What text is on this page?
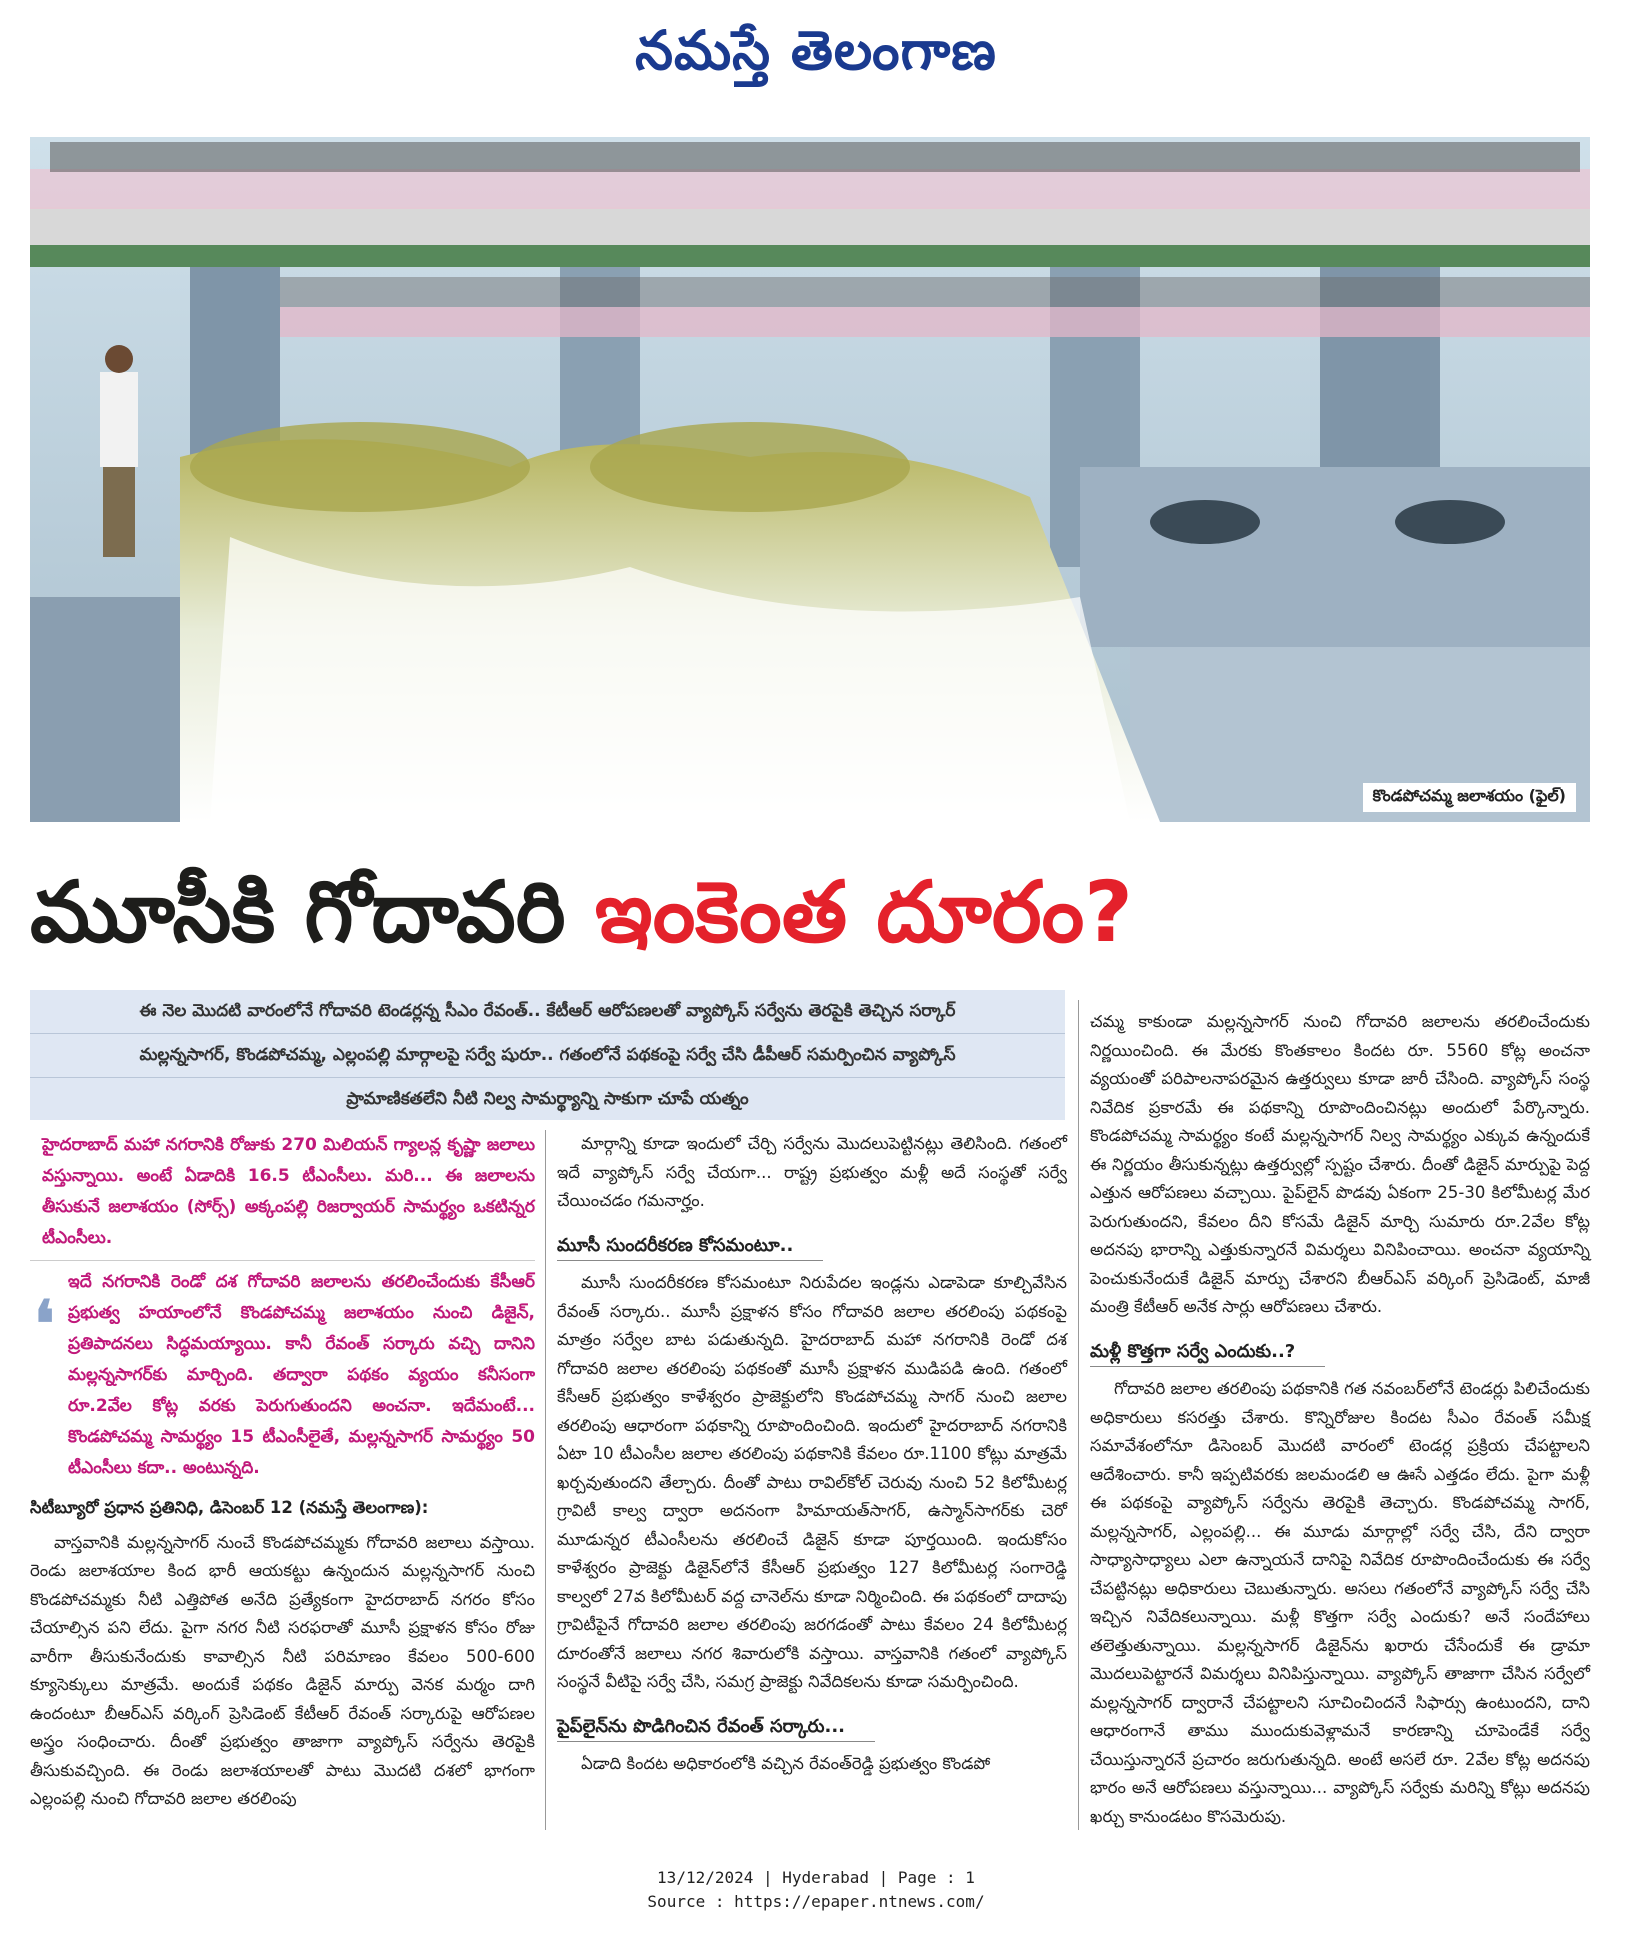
నమస్తే తెలంగాణ
కొండపోచమ్మ జలాశయం (ఫైల్)
మూసీకి గోదావరి ఇంకెంత దూరం?
ఈ నెల మొదటి వారంలోనే గోదావరి టెండర్లన్న సీఎం రేవంత్.. కేటీఆర్ ఆరోపణలతో వ్యాప్కోస్ సర్వేను తెరపైకి తెచ్చిన సర్కార్
మల్లన్నసాగర్, కొండపోచమ్మ, ఎల్లంపల్లి మార్గాలపై సర్వే షురూ.. గతంలోనే పథకంపై సర్వే చేసి డీపీఆర్ సమర్పించిన వ్యాప్కోస్
ప్రామాణికతలేని నీటి నిల్వ సామర్థ్యాన్ని సాకుగా చూపే యత్నం

హైదరాబాద్ మహా నగరానికి రోజుకు 270 మిలియన్ గ్యాలన్ల కృష్ణా జలాలు వస్తున్నాయి. అంటే ఏడాదికి 16.5 టీఎంసీలు. మరి... ఈ జలాలను తీసుకునే జలాశయం (సోర్స్) అక్కంపల్లి రిజర్వాయర్ సామర్థ్యం ఒకటిన్నర టీఎంసీలు.

❛
ఇదే నగరానికి రెండో దశ గోదావరి జలాలను తరలించేందుకు కేసీఆర్ ప్రభుత్వ హయాంలోనే కొండపోచమ్మ జలాశయం నుంచి డిజైన్, ప్రతిపాదనలు సిద్ధమయ్యాయి. కానీ రేవంత్ సర్కారు వచ్చి దానిని మల్లన్నసాగర్‌కు మార్చింది. తద్వారా పథకం వ్యయం కనీసంగా రూ.2వేల కోట్ల వరకు పెరుగుతుందని అంచనా. ఇదేమంటే... కొండపోచమ్మ సామర్థ్యం 15 టీఎంసీలైతే, మల్లన్నసాగర్ సామర్థ్యం 50 టీఎంసీలు కదా.. అంటున్నది.

సిటీబ్యూరో ప్రధాన ప్రతినిధి, డిసెంబర్ 12 (నమస్తే తెలంగాణ):

వాస్తవానికి మల్లన్నసాగర్ నుంచే కొండపోచమ్మకు గోదావరి జలాలు వస్తాయి. రెండు జలాశయాల కింద భారీ ఆయకట్టు ఉన్నందున మల్లన్నసాగర్ నుంచి కొండపోచమ్మకు నీటి ఎత్తిపోత అనేది ప్రత్యేకంగా హైదరాబాద్ నగరం కోసం చేయాల్సిన పని లేదు. పైగా నగర నీటి సరఫరాతో మూసీ ప్రక్షాళన కోసం రోజు వారీగా తీసుకునేందుకు కావాల్సిన నీటి పరిమాణం కేవలం 500-600 క్యూసెక్కులు మాత్రమే. అందుకే పథకం డిజైన్ మార్పు వెనక మర్మం దాగి ఉందంటూ బీఆర్ఎస్ వర్కింగ్ ప్రెసిడెంట్ కేటీఆర్ రేవంత్ సర్కారుపై ఆరోపణల అస్త్రం సంధించారు. దీంతో ప్రభుత్వం తాజాగా వ్యాప్కోస్ సర్వేను తెరపైకి తీసుకువచ్చింది. ఈ రెండు జలాశయాలతో పాటు మొదటి దశలో భాగంగా ఎల్లంపల్లి నుంచి గోదావరి జలాల తరలింపు

మార్గాన్ని కూడా ఇందులో చేర్చి సర్వేను మొదలుపెట్టినట్లు తెలిసింది. గతంలో ఇదే వ్యాప్కోస్ సర్వే చేయగా... రాష్ట్ర ప్రభుత్వం మళ్లీ అదే సంస్థతో సర్వే చేయించడం గమనార్హం.

మూసీ సుందరీకరణ కోసమంటూ..

మూసీ సుందరీకరణ కోసమంటూ నిరుపేదల ఇండ్లను ఎడాపెడా కూల్చివేసిన రేవంత్ సర్కారు.. మూసీ ప్రక్షాళన కోసం గోదావరి జలాల తరలింపు పథకంపై మాత్రం సర్వేల బాట పడుతున్నది. హైదరాబాద్ మహా నగరానికి రెండో దశ గోదావరి జలాల తరలింపు పథకంతో మూసీ ప్రక్షాళన ముడిపడి ఉంది. గతంలో కేసీఆర్ ప్రభుత్వం కాళేశ్వరం ప్రాజెక్టులోని కొండపోచమ్మ సాగర్ నుంచి జలాల తరలింపు ఆధారంగా పథకాన్ని రూపొందించింది. ఇందులో హైదరాబాద్ నగరానికి ఏటా 10 టీఎంసీల జలాల తరలింపు పథకానికి కేవలం రూ.1100 కోట్లు మాత్రమే ఖర్చవుతుందని తేల్చారు. దీంతో పాటు రావిల్‌కోల్ చెరువు నుంచి 52 కిలోమీటర్ల గ్రావిటీ కాల్వ ద్వారా అదనంగా హిమాయత్‌సాగర్, ఉస్మాన్‌సాగర్‌కు చెరో మూడున్నర టీఎంసీలను తరలించే డిజైన్ కూడా పూర్తయింది. ఇందుకోసం కాళేశ్వరం ప్రాజెక్టు డిజైన్‌లోనే కేసీఆర్ ప్రభుత్వం 127 కిలోమీటర్ల సంగారెడ్డి కాల్వలో 27వ కిలోమీటర్ వద్ద చానెల్‌ను కూడా నిర్మించింది. ఈ పథకంలో దాదాపు గ్రావిటీపైనే గోదావరి జలాల తరలింపు జరగడంతో పాటు కేవలం 24 కిలోమీటర్ల దూరంతోనే జలాలు నగర శివారులోకి వస్తాయి. వాస్తవానికి గతంలో వ్యాప్కోస్ సంస్థనే వీటిపై సర్వే చేసి, సమగ్ర ప్రాజెక్టు నివేదికలను కూడా సమర్పించింది.

పైప్‌లైన్‌ను పొడిగించిన రేవంత్ సర్కారు...

ఏడాది కిందట అధికారంలోకి వచ్చిన రేవంత్‌రెడ్డి ప్రభుత్వం కొండపో

చమ్మ కాకుండా మల్లన్నసాగర్ నుంచి గోదావరి జలాలను తరలించేందుకు నిర్ణయించింది. ఈ మేరకు కొంతకాలం కిందట రూ. 5560 కోట్ల అంచనా వ్యయంతో పరిపాలనాపరమైన ఉత్తర్వులు కూడా జారీ చేసింది. వ్యాప్కోస్ సంస్థ నివేదిక ప్రకారమే ఈ పథకాన్ని రూపొందించినట్లు అందులో పేర్కొన్నారు. కొండపోచమ్మ సామర్థ్యం కంటే మల్లన్నసాగర్ నిల్వ సామర్థ్యం ఎక్కువ ఉన్నందుకే ఈ నిర్ణయం తీసుకున్నట్లు ఉత్తర్వుల్లో స్పష్టం చేశారు. దీంతో డిజైన్ మార్పుపై పెద్ద ఎత్తున ఆరోపణలు వచ్చాయి. పైప్‌లైన్ పొడవు ఏకంగా 25-30 కిలోమీటర్ల మేర పెరుగుతుందని, కేవలం దీని కోసమే డిజైన్ మార్చి సుమారు రూ.2వేల కోట్ల అదనపు భారాన్ని ఎత్తుకున్నారనే విమర్శలు వినిపించాయి. అంచనా వ్యయాన్ని పెంచుకునేందుకే డిజైన్ మార్పు చేశారని బీఆర్ఎస్ వర్కింగ్ ప్రెసిడెంట్, మాజీ మంత్రి కేటీఆర్ అనేక సార్లు ఆరోపణలు చేశారు.

మళ్లీ కొత్తగా సర్వే ఎందుకు..?

గోదావరి జలాల తరలింపు పథకానికి గత నవంబర్‌లోనే టెండర్లు పిలిచేందుకు అధికారులు కసరత్తు చేశారు. కొన్నిరోజుల కిందట సీఎం రేవంత్ సమీక్ష సమావేశంలోనూ డిసెంబర్ మొదటి వారంలో టెండర్ల ప్రక్రియ చేపట్టాలని ఆదేశించారు. కానీ ఇప్పటివరకు జలమండలి ఆ ఊసే ఎత్తడం లేదు. పైగా మళ్లీ ఈ పథకంపై వ్యాప్కోస్ సర్వేను తెరపైకి తెచ్చారు. కొండపోచమ్మ సాగర్, మల్లన్నసాగర్, ఎల్లంపల్లి... ఈ మూడు మార్గాల్లో సర్వే చేసి, దేని ద్వారా సాధ్యాసాధ్యాలు ఎలా ఉన్నాయనే దానిపై నివేదిక రూపొందించేందుకు ఈ సర్వే చేపట్టినట్లు అధికారులు చెబుతున్నారు. అసలు గతంలోనే వ్యాప్కోస్ సర్వే చేసి ఇచ్చిన నివేదికలున్నాయి. మళ్లీ కొత్తగా సర్వే ఎందుకు? అనే సందేహాలు తలెత్తుతున్నాయి. మల్లన్నసాగర్ డిజైన్‌ను ఖరారు చేసేందుకే ఈ డ్రామా మొదలుపెట్టారనే విమర్శలు వినిపిస్తున్నాయి. వ్యాప్కోస్ తాజాగా చేసిన సర్వేలో మల్లన్నసాగర్ ద్వారానే చేపట్టాలని సూచించిందనే సిఫార్సు ఉంటుందని, దాని ఆధారంగానే తాము ముందుకువెళ్లామనే కారణాన్ని చూపెండేకే సర్వే చేయిస్తున్నారనే ప్రచారం జరుగుతున్నది. అంటే అసలే రూ. 2వేల కోట్ల అదనపు భారం అనే ఆరోపణలు వస్తున్నాయి... వ్యాప్కోస్ సర్వేకు మరిన్ని కోట్లు అదనపు ఖర్చు కానుండటం కొసమెరుపు.

13/12/2024 | Hyderabad | Page : 1
Source : https://epaper.ntnews.com/
